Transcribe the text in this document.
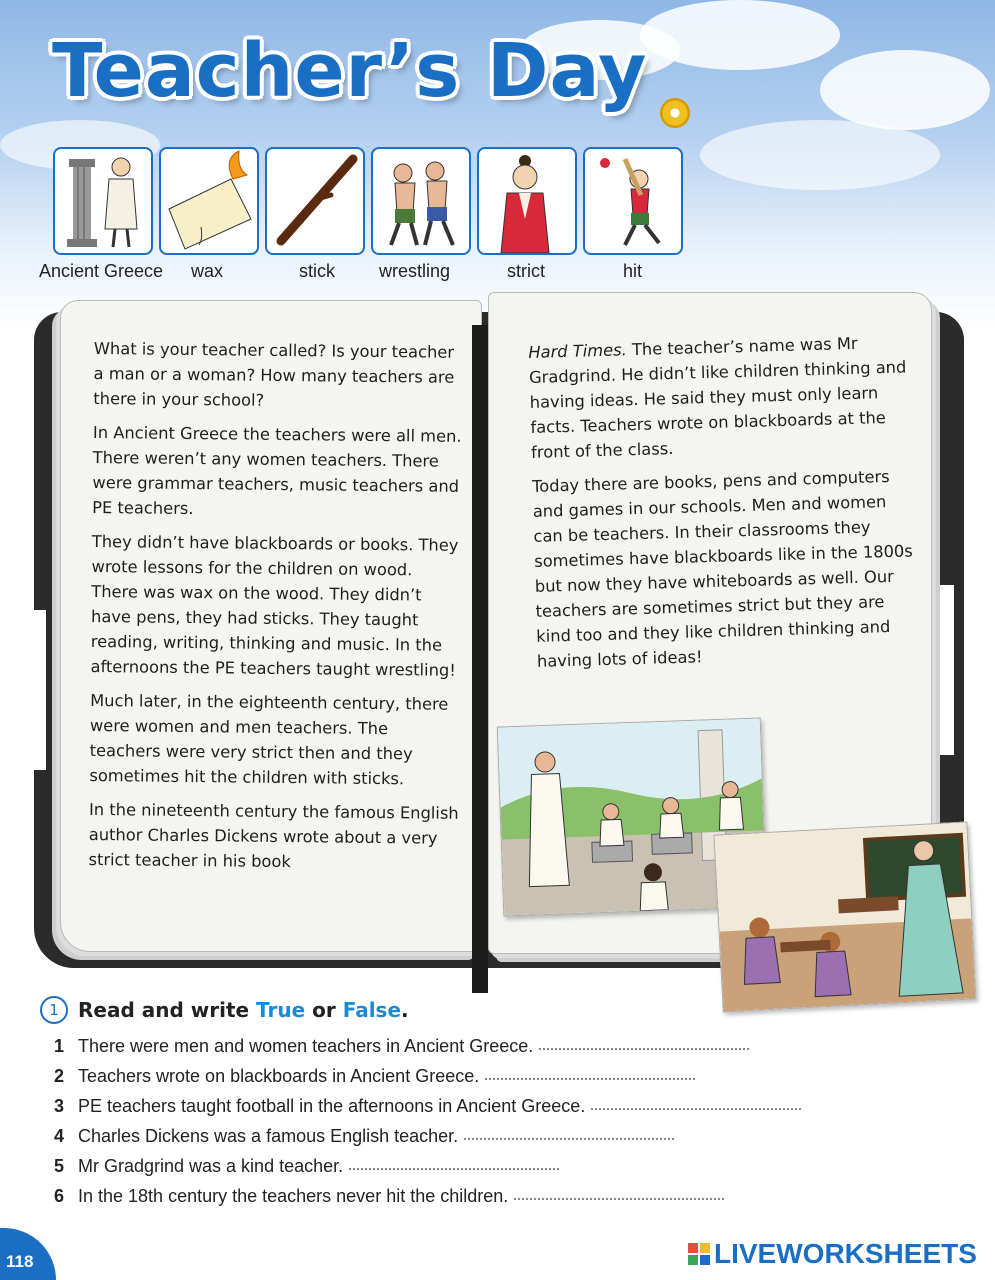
Teacher’s Day
Ancient Greece wax	stick wrestling	strict	hit

What is your teacher called? Is your teacher a man or a woman? How many teachers are there in your school?

In Ancient Greece the teachers were all men. There weren’t any women teachers. There were grammar teachers, music teachers and PE teachers.

They didn’t have blackboards or books. They wrote lessons for the children on wood. There was wax on the wood. They didn’t have pens, they had sticks. They taught reading, writing, thinking and music. In the afternoons the PE teachers taught wrestling!

Much later, in the eighteenth century, there were women and men teachers. The teachers were very strict then and they sometimes hit the children with sticks.

In the nineteenth century the famous English author Charles Dickens wrote about a very strict teacher in his book

Hard Times. The teacher’s name was Mr Gradgrind. He didn’t like children thinking and having ideas. He said they must only learn facts. Teachers wrote on blackboards at the front of the class.

Today there are books, pens and computers and games in our schools. Men and women can be teachers. In their classrooms they sometimes have blackboards like in the 1800s but now they have whiteboards as well. Our teachers are sometimes strict but they are kind too and they like children thinking and having lots of ideas!

1 Read and write
True
or
False .
1 There were men and women teachers in Ancient Greece.
2 Teachers wrote on blackboards in Ancient Greece.
3 PE teachers taught football in the afternoons in Ancient Greece.
4 Charles Dickens was a famous English teacher.
5 Mr Gradgrind was a kind teacher.
6 In the 18th century the teachers never hit the children.
118	LIVEWORKSHEETS
